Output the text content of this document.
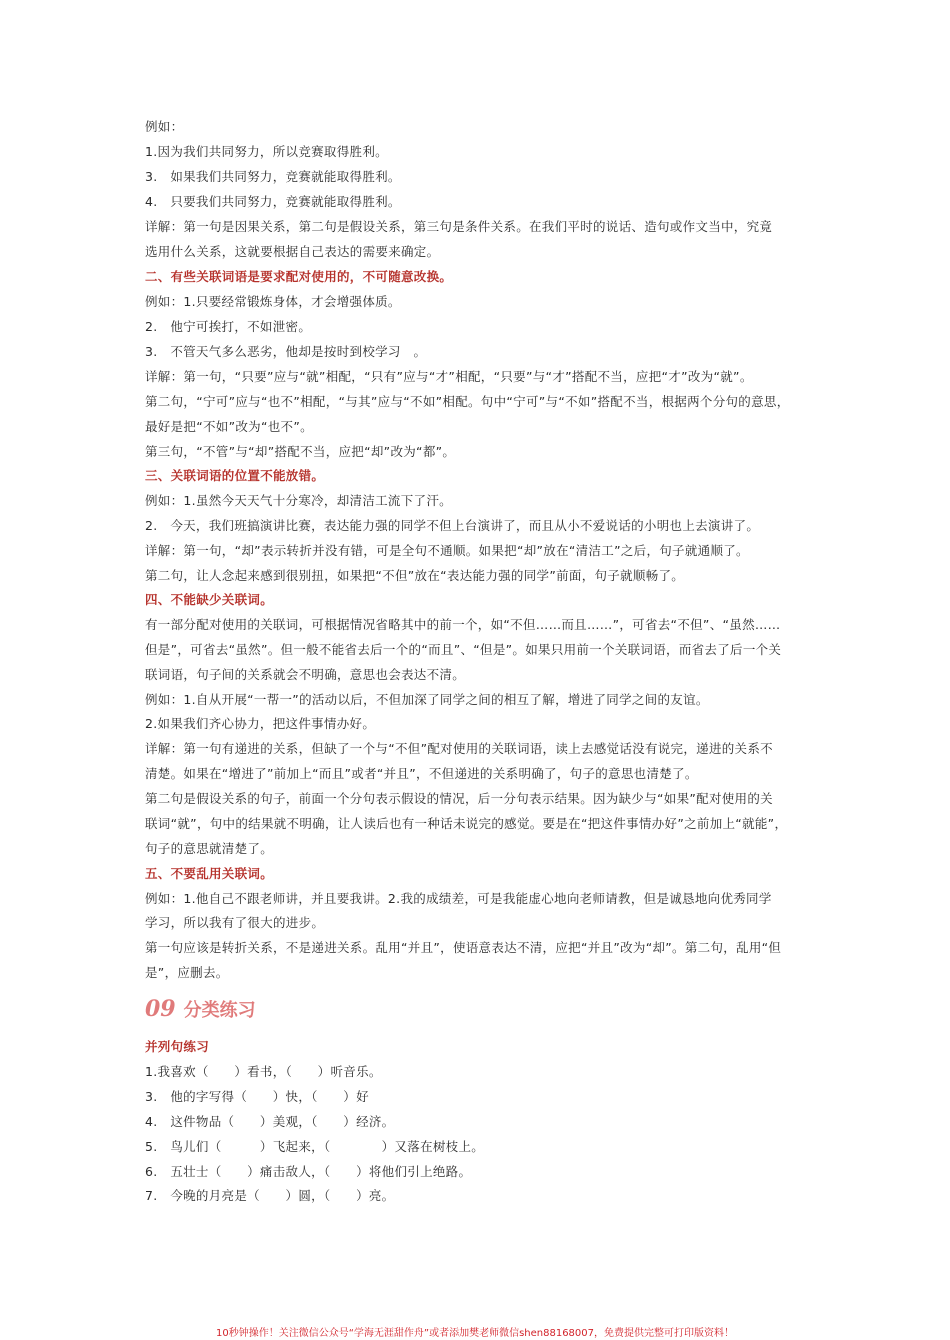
例如：
1.因为我们共同努力，所以竞赛取得胜利。
3.　如果我们共同努力，竞赛就能取得胜利。
4.　只要我们共同努力，竞赛就能取得胜利。
详解：第一句是因果关系，第二句是假设关系，第三句是条件关系。在我们平时的说话、造句或作文当中，究竟
选用什么关系，这就要根据自己表达的需要来确定。
二、有些关联词语是要求配对使用的，不可随意改换。
例如：1.只要经常锻炼身体，才会增强体质。
2.　他宁可挨打，不如泄密。
3.　不管天气多么恶劣，他却是按时到校学习　。
详解：第一句，“只要”应与“就”相配，“只有”应与“才”相配，“只要”与“才”搭配不当，应把“才”改为“就”。
第二句，“宁可”应与“也不”相配，“与其”应与“不如”相配。句中“宁可”与“不如”搭配不当，根据两个分句的意思，
最好是把“不如”改为“也不”。
第三句，“不管”与“却”搭配不当，应把“却”改为“都”。
三、关联词语的位置不能放错。
例如：1.虽然今天天气十分寒冷，却清洁工流下了汗。
2.　今天，我们班搞演讲比赛，表达能力强的同学不但上台演讲了，而且从小不爱说话的小明也上去演讲了。
详解：第一句，“却”表示转折并没有错，可是全句不通顺。如果把“却”放在“清洁工”之后，句子就通顺了。
第二句，让人念起来感到很别扭，如果把“不但”放在“表达能力强的同学”前面，句子就顺畅了。
四、不能缺少关联词。
有一部分配对使用的关联词，可根据情况省略其中的前一个，如“不但……而且……”，可省去“不但”、“虽然……
但是”，可省去“虽然”。但一般不能省去后一个的“而且”、“但是”。如果只用前一个关联词语，而省去了后一个关
联词语，句子间的关系就会不明确，意思也会表达不清。
例如：1.自从开展“一帮一”的活动以后，不但加深了同学之间的相互了解，增进了同学之间的友谊。
2.如果我们齐心协力，把这件事情办好。
详解：第一句有递进的关系，但缺了一个与“不但”配对使用的关联词语，读上去感觉话没有说完，递进的关系不
清楚。如果在“增进了”前加上“而且”或者“并且”，不但递进的关系明确了，句子的意思也清楚了。
第二句是假设关系的句子，前面一个分句表示假设的情况，后一分句表示结果。因为缺少与“如果”配对使用的关
联词“就”，句中的结果就不明确，让人读后也有一种话未说完的感觉。要是在“把这件事情办好”之前加上“就能”，
句子的意思就清楚了。
五、不要乱用关联词。
例如：1.他自己不跟老师讲，并且要我讲。2.我的成绩差，可是我能虚心地向老师请教，但是诚恳地向优秀同学
学习，所以我有了很大的进步。
第一句应该是转折关系，不是递进关系。乱用“并且”，使语意表达不清，应把“并且”改为“却”。第二句，乱用“但
是”，应删去。
09 分类练习
并列句练习
1.我喜欢（　　）看书，（　　）听音乐。
3.　他的字写得（　　）快，（　　）好
4.　这件物品（　　）美观，（　　）经济。
5.　鸟儿们（　　　）飞起来，（　　　　）又落在树枝上。
6.　五壮士（　　）痛击敌人，（　　）将他们引上绝路。
7.　今晚的月亮是（　　）圆，（　　）亮。
10秒钟操作！关注微信公众号“学海无涯甜作舟”或者添加樊老师微信shen88168007，免费提供完整可打印版资料！
